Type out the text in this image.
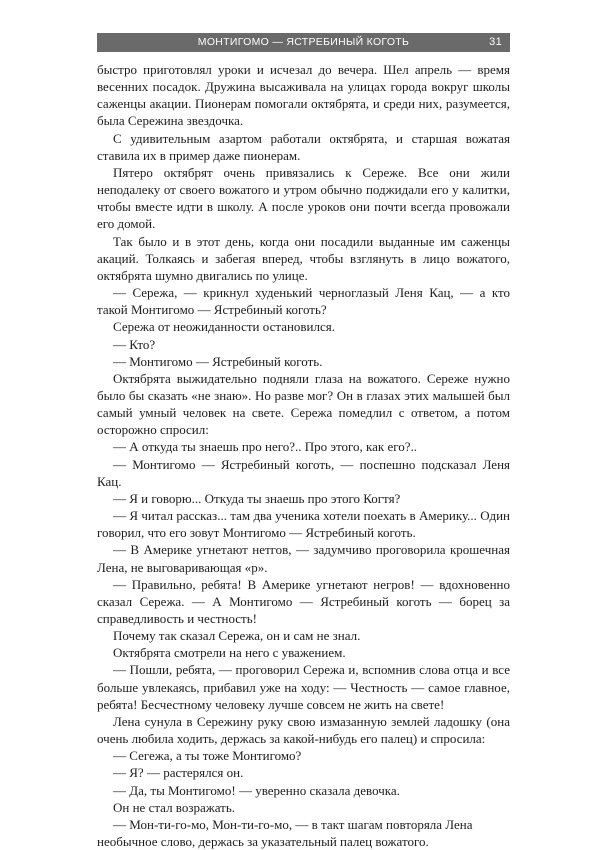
МОНТИГОМО — ЯСТРЕБИНЫЙ КОГОТЬ	31

быстро приготовлял уроки и исчезал до вечера. Шел апрель — время весенних посадок. Дружина высаживала на улицах города вокруг школы саженцы акации. Пионерам помогали октябрята, и среди них, разумеется, была Сережина звездочка.

С удивительным азартом работали октябрята, и старшая вожатая ставила их в пример даже пионерам.

Пятеро октябрят очень привязались к Сереже. Все они жили неподалеку от своего вожатого и утром обычно поджидали его у калитки, чтобы вместе идти в школу. А после уроков они почти всегда провожали его домой.

Так было и в этот день, когда они посадили выданные им саженцы акаций. Толкаясь и забегая вперед, чтобы взглянуть в лицо вожатого, октябрята шумно двигались по улице.

— Сережа, — крикнул худенький черноглазый Леня Кац, — а кто такой Монтигомо — Ястребиный коготь?

Сережа от неожиданности остановился.

— Кто?

— Монтигомо — Ястребиный коготь.

Октябрята выжидательно подняли глаза на вожатого. Сереже нужно было бы сказать «не знаю». Но разве мог? Он в глазах этих малышей был самый умный человек на свете. Сережа помедлил с ответом, а потом осторожно спросил:

— А откуда ты знаешь про него?.. Про этого, как его?..

— Монтигомо — Ястребиный коготь, — поспешно подсказал Леня Кац.

— Я и говорю... Откуда ты знаешь про этого Когтя?

— Я читал рассказ... там два ученика хотели поехать в Америку... Один говорил, что его зовут Монтигомо — Ястребиный коготь.

— В Америке угнетают нетгов, — задумчиво проговорила крошечная Лена, не выговаривающая «р».

— Правильно, ребята! В Америке угнетают негров! — вдохновенно сказал Сережа. — А Монтигомо — Ястребиный коготь — борец за справедливость и честность!

Почему так сказал Сережа, он и сам не знал.

Октябрята смотрели на него с уважением.

— Пошли, ребята, — проговорил Сережа и, вспомнив слова отца и все больше увлекаясь, прибавил уже на ходу: — Честность — самое главное, ребята! Бесчестному человеку лучше совсем не жить на свете!

Лена сунула в Сережину руку свою измазанную землей ладошку (она очень любила ходить, держась за какой-нибудь его палец) и спросила:

— Сегежа, а ты тоже Монтигомо?

— Я? — растерялся он.

— Да, ты Монтигомо! — уверенно сказала девочка.

Он не стал возражать.

— Мон-ти-го-мо, Мон-ти-го-мо, — в такт шагам повторяла Лена необычное слово, держась за указательный палец вожатого.
